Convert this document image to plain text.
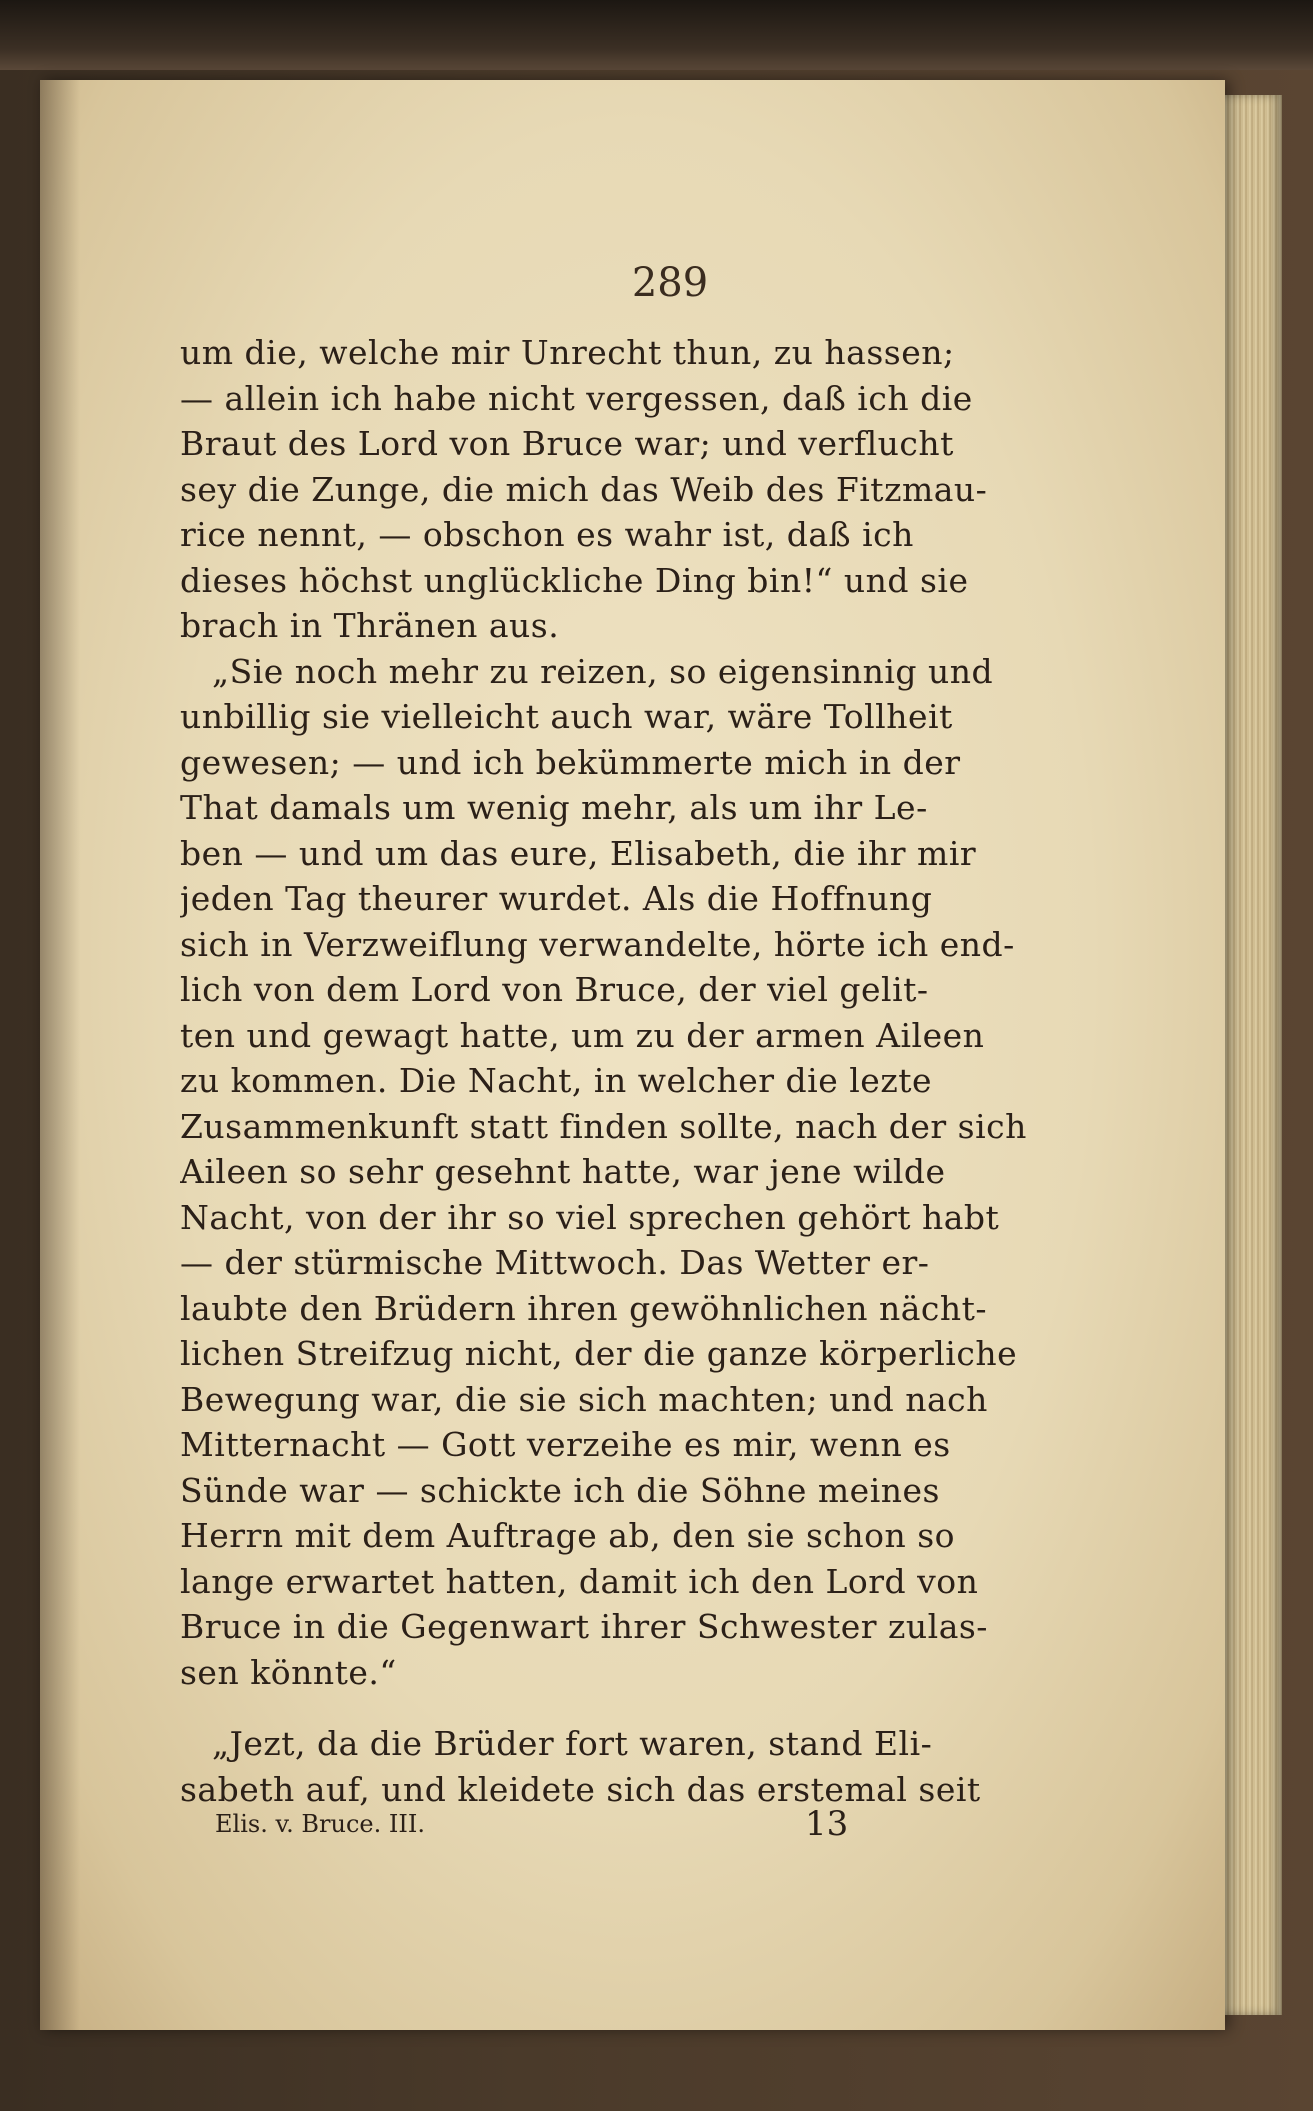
289
um die, welche mir Unrecht thun, zu hassen;
— allein ich habe nicht vergessen, daß ich die
Braut des Lord von Bruce war; und verflucht
sey die Zunge, die mich das Weib des Fitzmau-
rice nennt, — obschon es wahr ist, daß ich
dieses höchst unglückliche Ding bin!“ und sie
brach in Thränen aus.
„Sie noch mehr zu reizen, so eigensinnig und
unbillig sie vielleicht auch war, wäre Tollheit
gewesen; — und ich bekümmerte mich in der
That damals um wenig mehr, als um ihr Le-
ben — und um das eure, Elisabeth, die ihr mir
jeden Tag theurer wurdet. Als die Hoffnung
sich in Verzweiflung verwandelte, hörte ich end-
lich von dem Lord von Bruce, der viel gelit-
ten und gewagt hatte, um zu der armen Aileen
zu kommen. Die Nacht, in welcher die lezte
Zusammenkunft statt finden sollte, nach der sich
Aileen so sehr gesehnt hatte, war jene wilde
Nacht, von der ihr so viel sprechen gehört habt
— der stürmische Mittwoch. Das Wetter er-
laubte den Brüdern ihren gewöhnlichen nächt-
lichen Streifzug nicht, der die ganze körperliche
Bewegung war, die sie sich machten; und nach
Mitternacht — Gott verzeihe es mir, wenn es
Sünde war — schickte ich die Söhne meines
Herrn mit dem Auftrage ab, den sie schon so
lange erwartet hatten, damit ich den Lord von
Bruce in die Gegenwart ihrer Schwester zulas-
sen könnte.“
„Jezt, da die Brüder fort waren, stand Eli-
sabeth auf, und kleidete sich das erstemal seit
Elis. v. Bruce. III.	13
